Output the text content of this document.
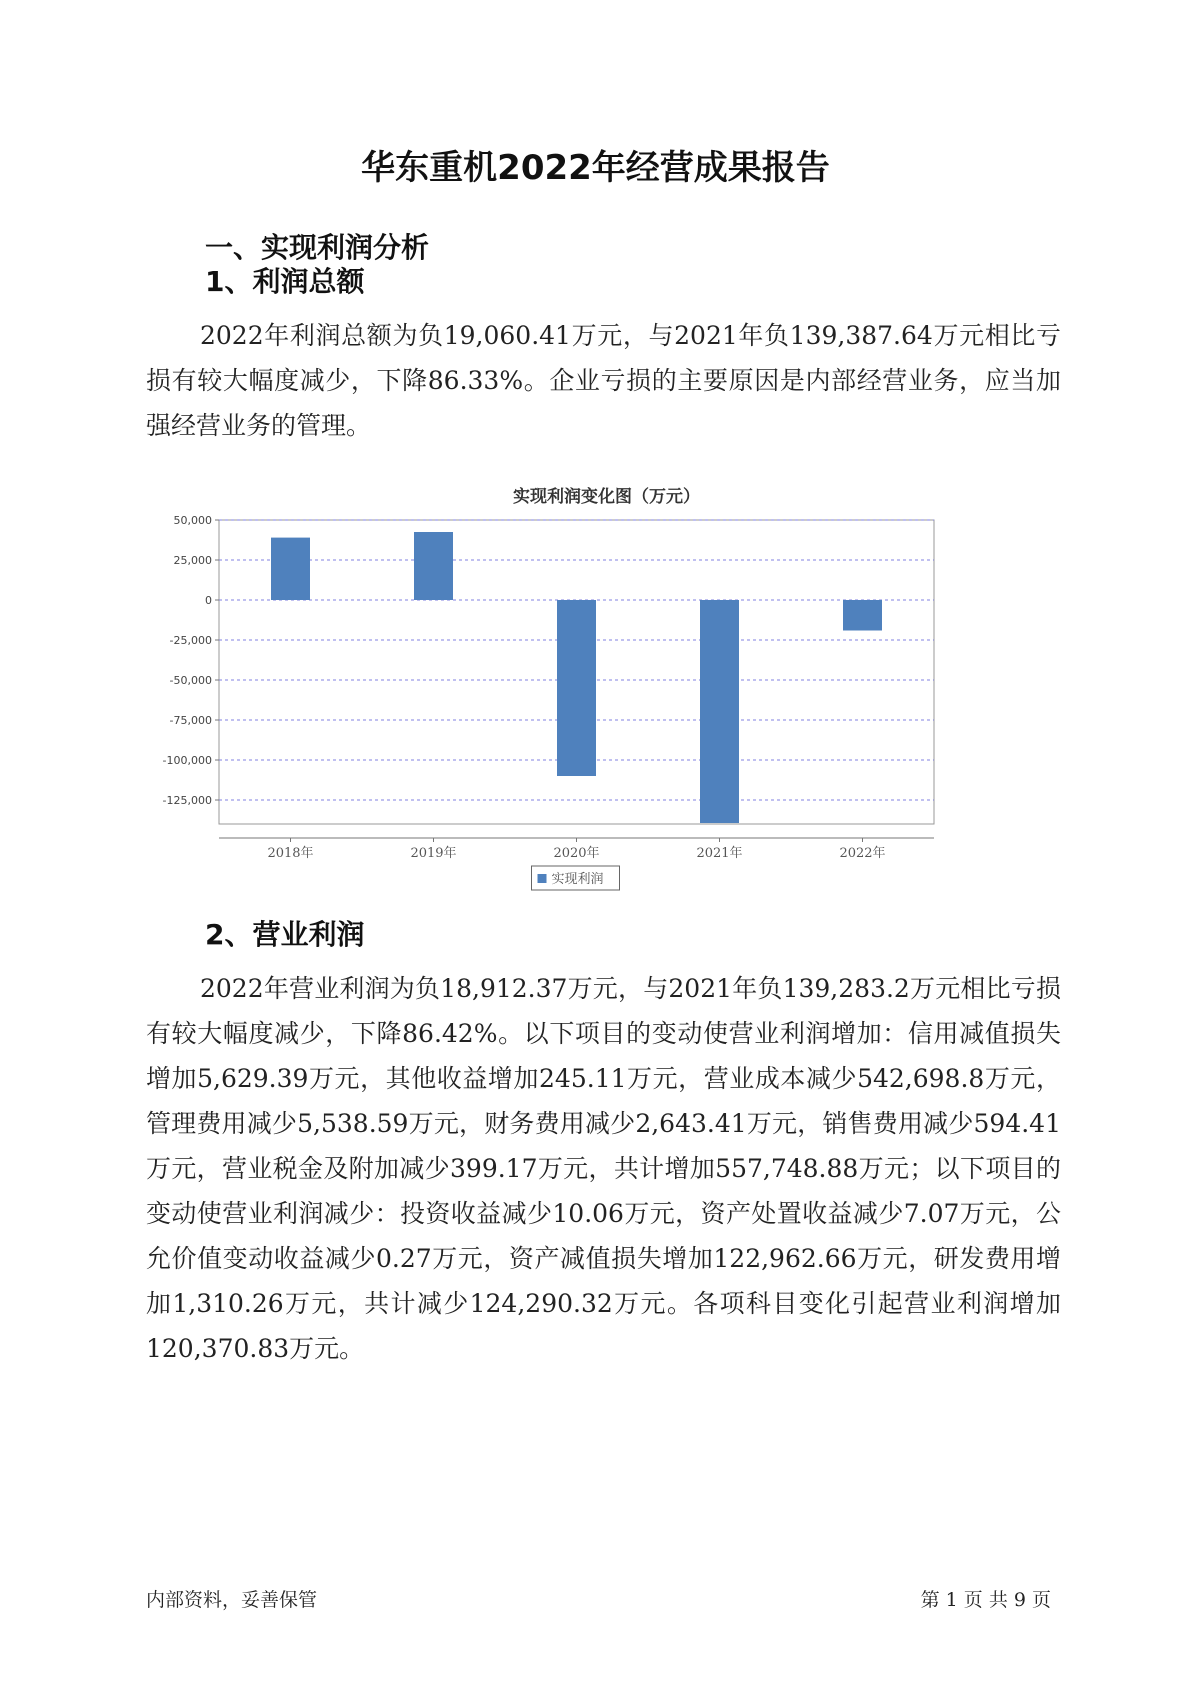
华东重机2022年经营成果报告
一、实现利润分析
1、利润总额

2022年利润总额为负19,060.41万元，与2021年负139,387.64万元相比亏损有较大幅度减少，下降86.33%。企业亏损的主要原因是内部经营业务，应当加强经营业务的管理。

实现利润变化图（万元）
50,000
25,000
0
-25,000
-50,000
-75,000
-100,000
-125,000
2018年	2019年	2020年	2021年	2022年
实现利润
2、营业利润

2022年营业利润为负18,912.37万元，与2021年负139,283.2万元相比亏损有较大幅度减少，下降86.42%。以下项目的变动使营业利润增加：信用减值损失增加5,629.39万元，其他收益增加245.11万元，营业成本减少542,698.8万元，管理费用减少5,538.59万元，财务费用减少2,643.41万元，销售费用减少594.41万元，营业税金及附加减少399.17万元，共计增加557,748.88万元；以下项目的变动使营业利润减少：投资收益减少10.06万元，资产处置收益减少7.07万元，公允价值变动收益减少0.27万元，资产减值损失增加122,962.66万元，研发费用增加1,310.26万元，共计减少124,290.32万元。各项科目变化引起营业利润增加120,370.83万元。

内部资料，妥善保管	第 1 页 共 9 页
